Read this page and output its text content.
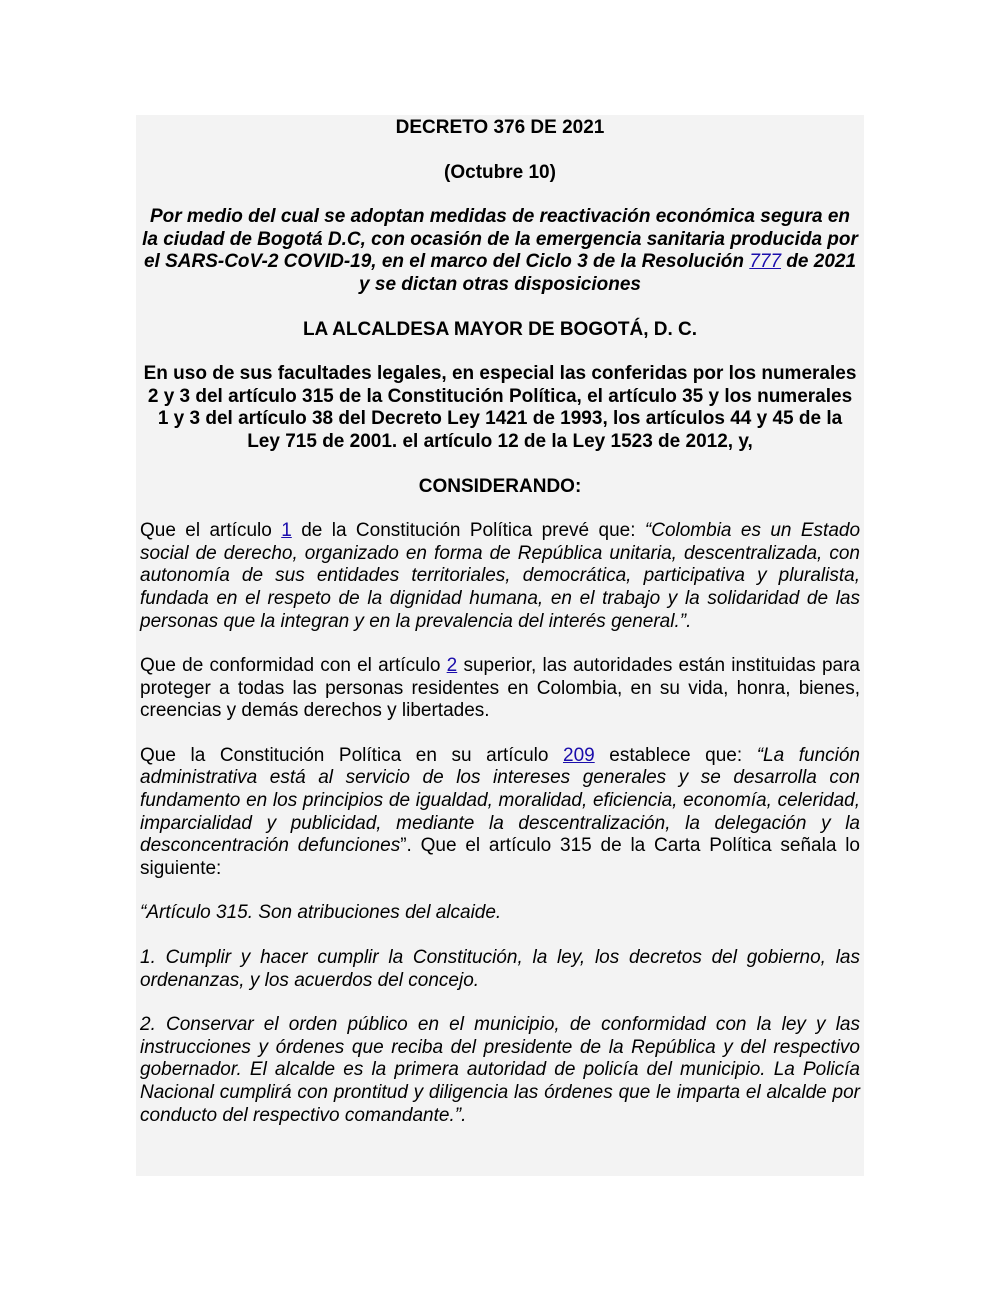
DECRETO 376 DE 2021

(Octubre 10)

Por medio del cual se adoptan medidas de reactivación económica segura en la ciudad de Bogotá D.C, con ocasión de la emergencia sanitaria producida por el SARS-CoV-2 COVID-19, en el marco del Ciclo 3 de la Resolución 777 de 2021 y se dictan otras disposiciones

LA ALCALDESA MAYOR DE BOGOTÁ, D. C.

En uso de sus facultades legales, en especial las conferidas por los numerales 2 y 3 del artículo 315 de la Constitución Política, el artículo 35 y los numerales 1 y 3 del artículo 38 del Decreto Ley 1421 de 1993, los artículos 44 y 45 de la Ley 715 de 2001. el artículo 12 de la Ley 1523 de 2012, y,

CONSIDERANDO:

Que el artículo 1 de la Constitución Política prevé que: “Colombia es un Estado social de derecho, organizado en forma de República unitaria, descentralizada, con autonomía de sus entidades territoriales, democrática, participativa y pluralista, fundada en el respeto de la dignidad humana, en el trabajo y la solidaridad de las personas que la integran y en la prevalencia del interés general.”.

Que de conformidad con el artículo 2 superior, las autoridades están instituidas para proteger a todas las personas residentes en Colombia, en su vida, honra, bienes, creencias y demás derechos y libertades.

Que la Constitución Política en su artículo 209 establece que: “La función administrativa está al servicio de los intereses generales y se desarrolla con fundamento en los principios de igualdad, moralidad, eficiencia, economía, celeridad, imparcialidad y publicidad, mediante la descentralización, la delegación y la desconcentración defunciones”. Que el artículo 315 de la Carta Política señala lo siguiente:

“Artículo 315. Son atribuciones del alcaide.

1. Cumplir y hacer cumplir la Constitución, la ley, los decretos del gobierno, las ordenanzas, y los acuerdos del concejo.

2. Conservar el orden público en el municipio, de conformidad con la ley y las instrucciones y órdenes que reciba del presidente de la República y del respectivo gobernador. El alcalde es la primera autoridad de policía del municipio. La Policía Nacional cumplirá con prontitud y diligencia las órdenes que le imparta el alcalde por conducto del respectivo comandante.”.
